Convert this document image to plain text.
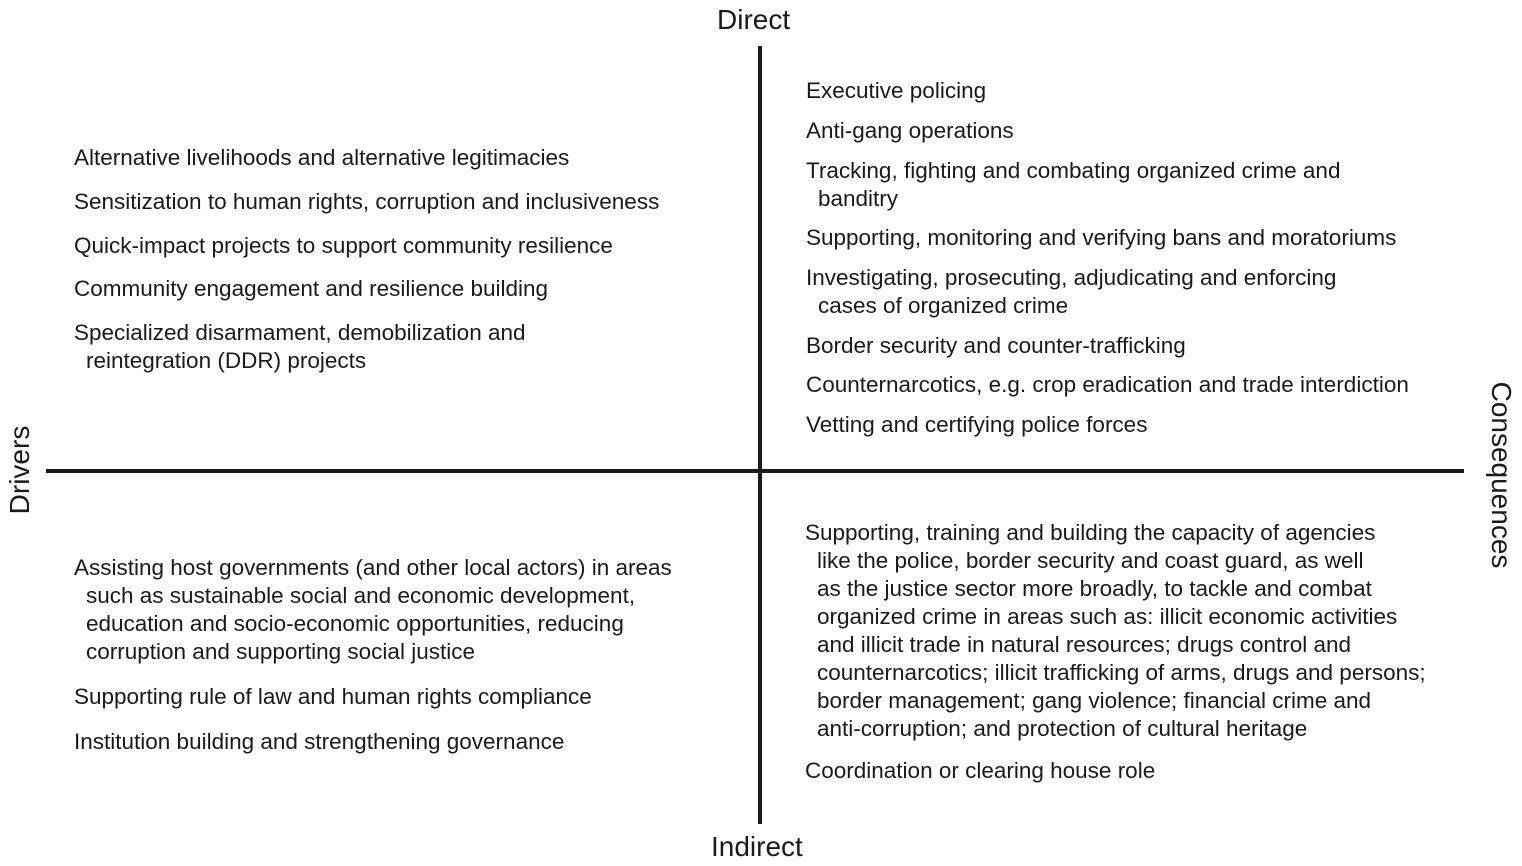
Direct
Indirect
Drivers	Consequences
Alternative livelihoods and alternative legitimacies
Sensitization to human rights, corruption and inclusiveness
Quick-impact projects to support community resilience
Community engagement and resilience building
Specialized disarmament, demobilization and
reintegration (DDR) projects
Executive policing
Anti-gang operations
Tracking, fighting and combating organized crime and
banditry
Supporting, monitoring and verifying bans and moratoriums
Investigating, prosecuting, adjudicating and enforcing
cases of organized crime
Border security and counter-trafficking
Counternarcotics, e.g. crop eradication and trade interdiction
Vetting and certifying police forces
Assisting host governments (and other local actors) in areas
such as sustainable social and economic development,
education and socio-economic opportunities, reducing
corruption and supporting social justice
Supporting rule of law and human rights compliance
Institution building and strengthening governance
Supporting, training and building the capacity of agencies
like the police, border security and coast guard, as well
as the justice sector more broadly, to tackle and combat
organized crime in areas such as: illicit economic activities
and illicit trade in natural resources; drugs control and
counternarcotics; illicit trafficking of arms, drugs and persons;
border management; gang violence; financial crime and
anti-corruption; and protection of cultural heritage
Coordination or clearing house role
